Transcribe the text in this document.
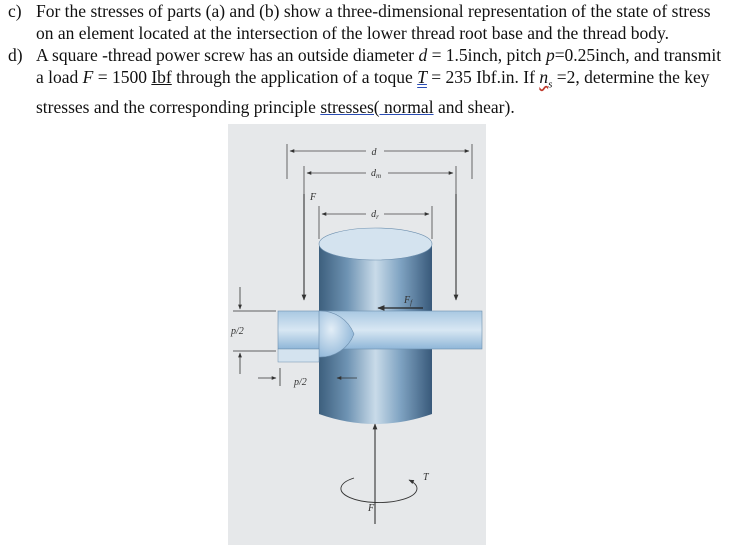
c) For the stresses of parts (a) and (b) show a three-dimensional representation of the state of stress
on an element located at the intersection of the lower thread root base and the thread body.
d) A square -thread power screw has an outside diameter d = 1.5inch, pitch p=0.25inch, and transmit
a load F = 1500 Ibf through the application of a toque T = 235 Ibf.in. If $n_s =2$, determine the key
stresses and the corresponding principle stresses( normal and shear).
d
$d_m$
$d_r$
F
$F_f$
p/2
p/2
T
F
